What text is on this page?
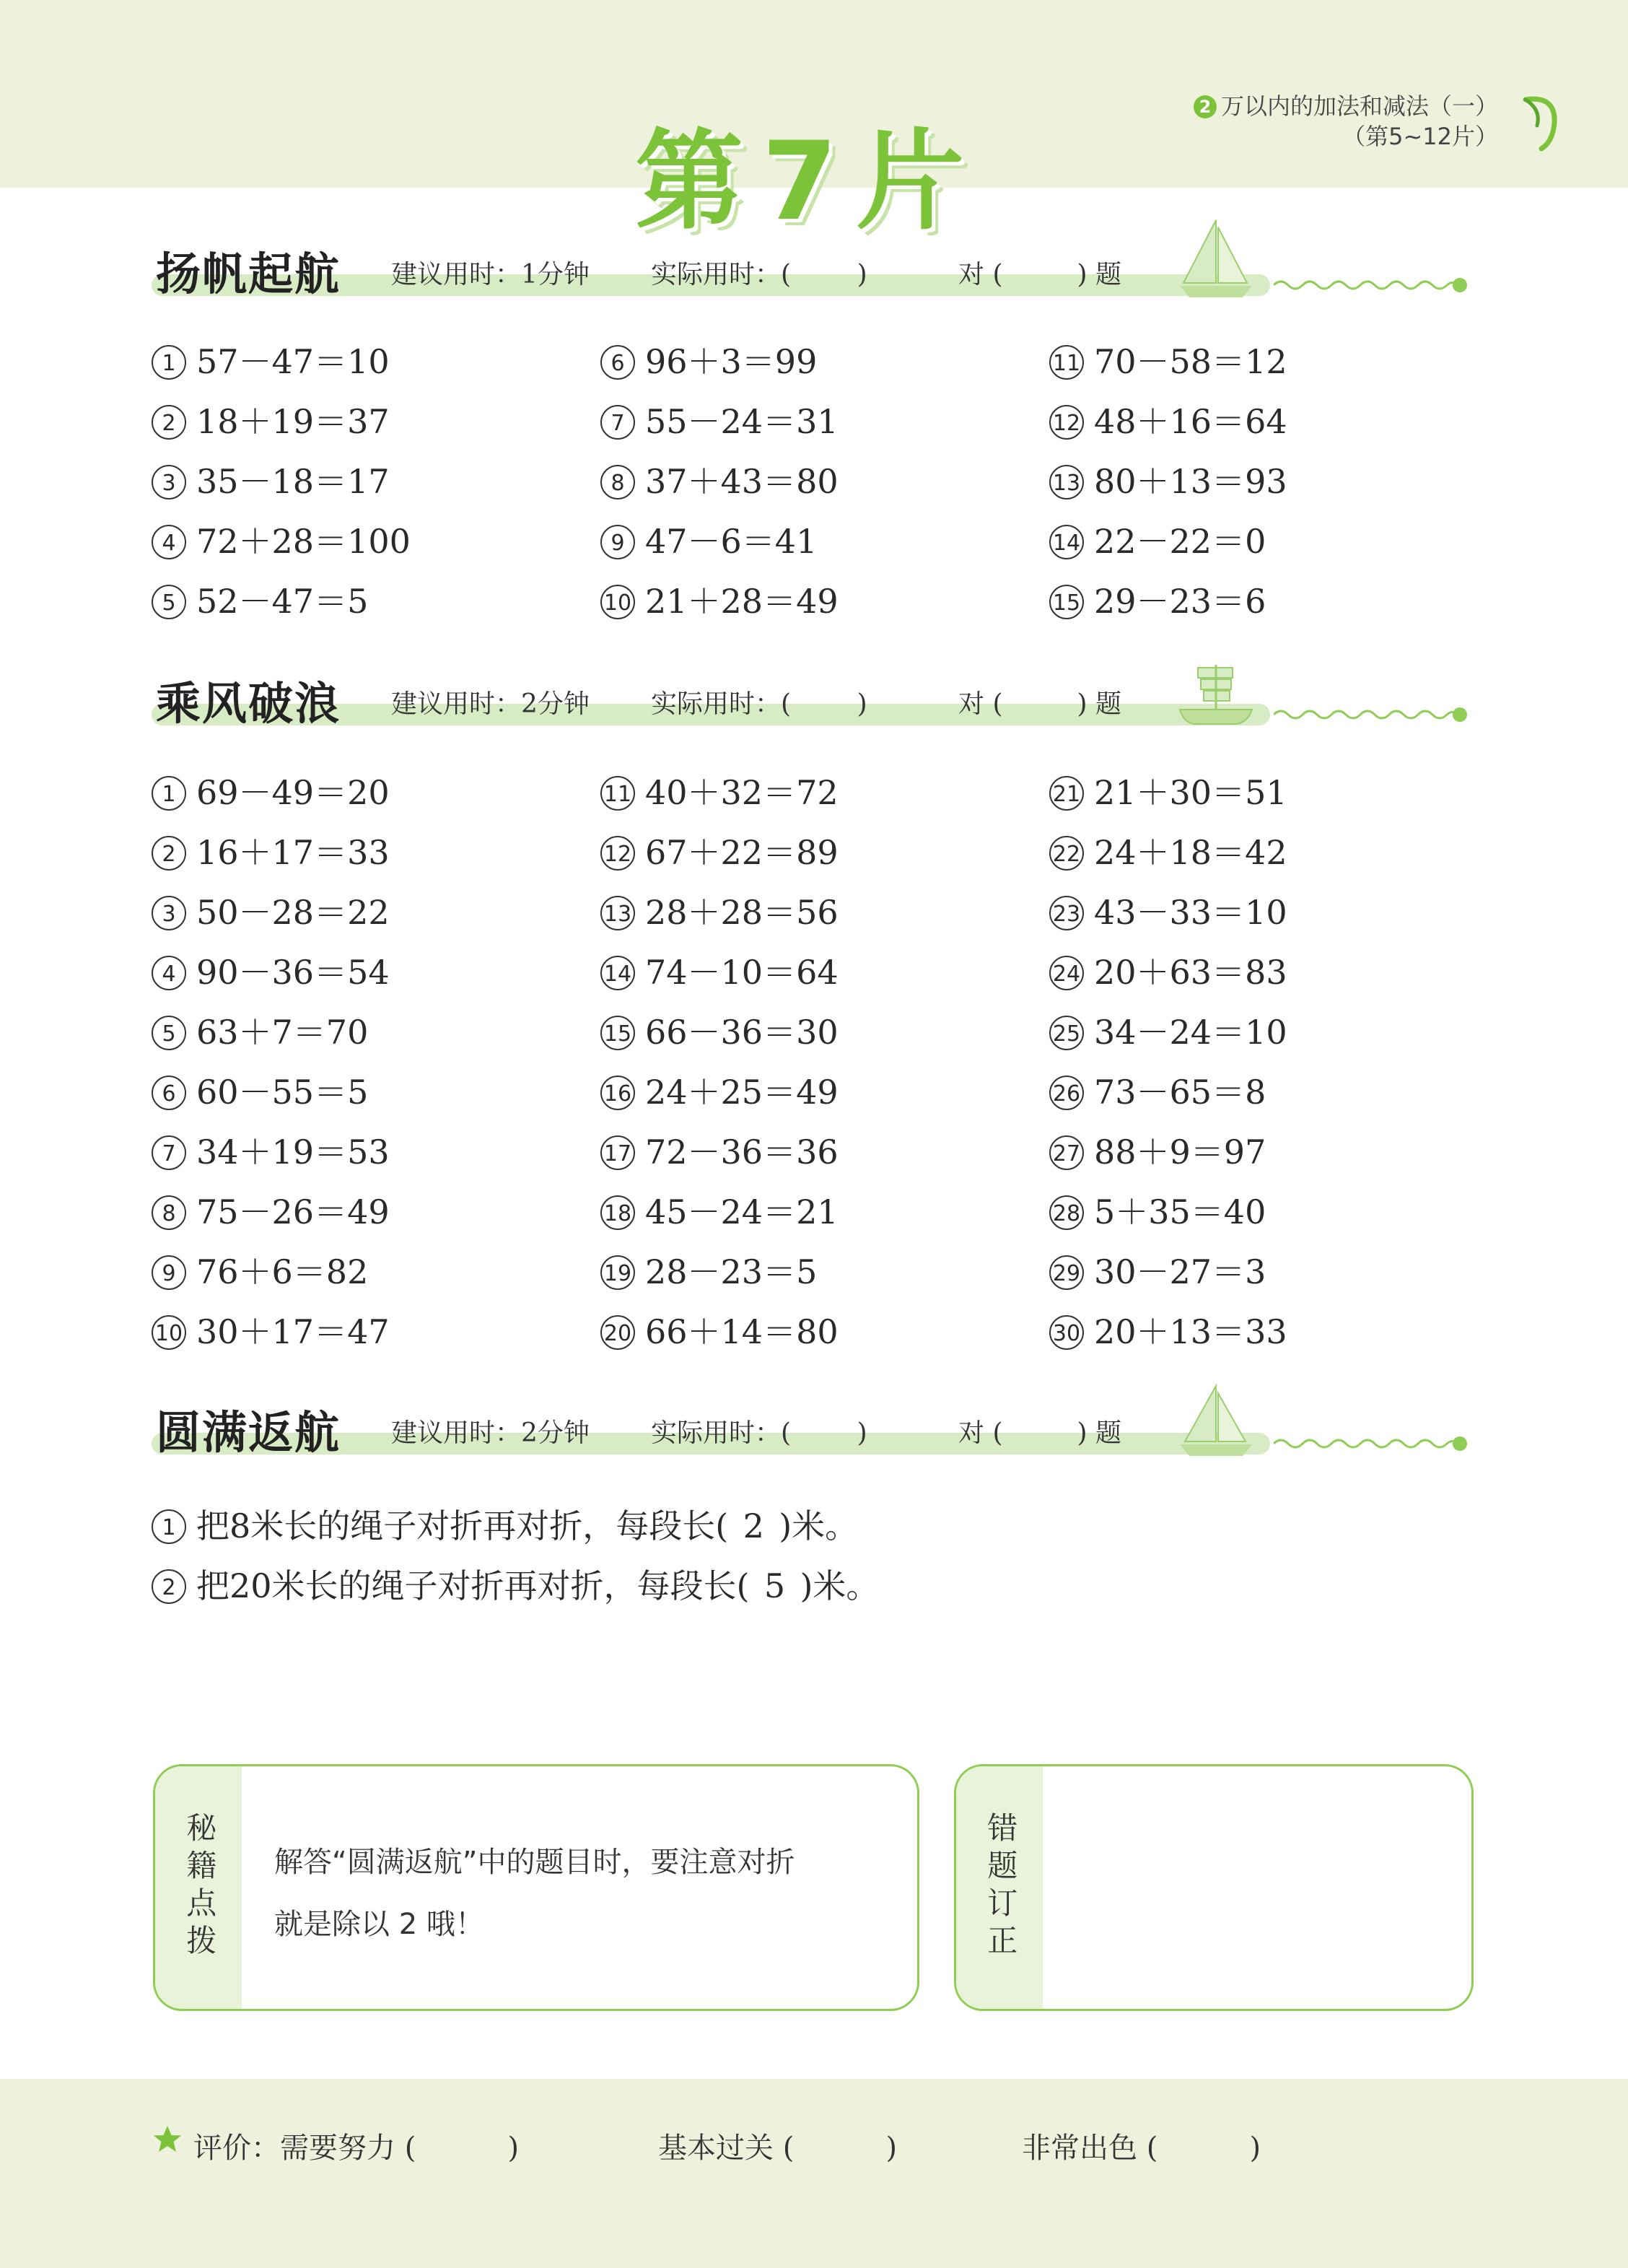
第7片
2 万以内的加法和减法（一）
（第5~12片）
扬帆起航 建议用时：1分钟 实际用时：(        )	对 (         ) 题
乘风破浪 建议用时：2分钟 实际用时：(        )	对 (         ) 题
圆满返航 建议用时：2分钟 实际用时：(        )	对 (         ) 题
1 57－47＝10
2 18＋19＝37
3 35－18＝17
4 72＋28＝100
5 52－47＝5
6 96＋3＝99
7 55－24＝31
8 37＋43＝80
9 47－6＝41
10 21＋28＝49
11 70－58＝12
12 48＋16＝64
13 80＋13＝93
14 22－22＝0
15 29－23＝6
1 69－49＝20
2 16＋17＝33
3 50－28＝22
4 90－36＝54
5 63＋7＝70
6 60－55＝5
7 34＋19＝53
8 75－26＝49
9 76＋6＝82
10 30＋17＝47
11 40＋32＝72
12 67＋22＝89
13 28＋28＝56
14 74－10＝64
15 66－36＝30
16 24＋25＝49
17 72－36＝36
18 45－24＝21
19 28－23＝5
20 66＋14＝80
21 21＋30＝51
22 24＋18＝42
23 43－33＝10
24 20＋63＝83
25 34－24＝10
26 73－65＝8
27 88＋9＝97
28 5＋35＝40
29 30－27＝3
30 20＋13＝33
1 把8米长的绳子对折再对折，每段长( 2 )米。
2 把20米长的绳子对折再对折，每段长( 5 )米。
秘籍点拨
解答“圆满返航”中的题目时，要注意对折
就是除以 2 哦！
错题订正
评价：需要努力 (          )	基本过关 (          )	非常出色 (          )
